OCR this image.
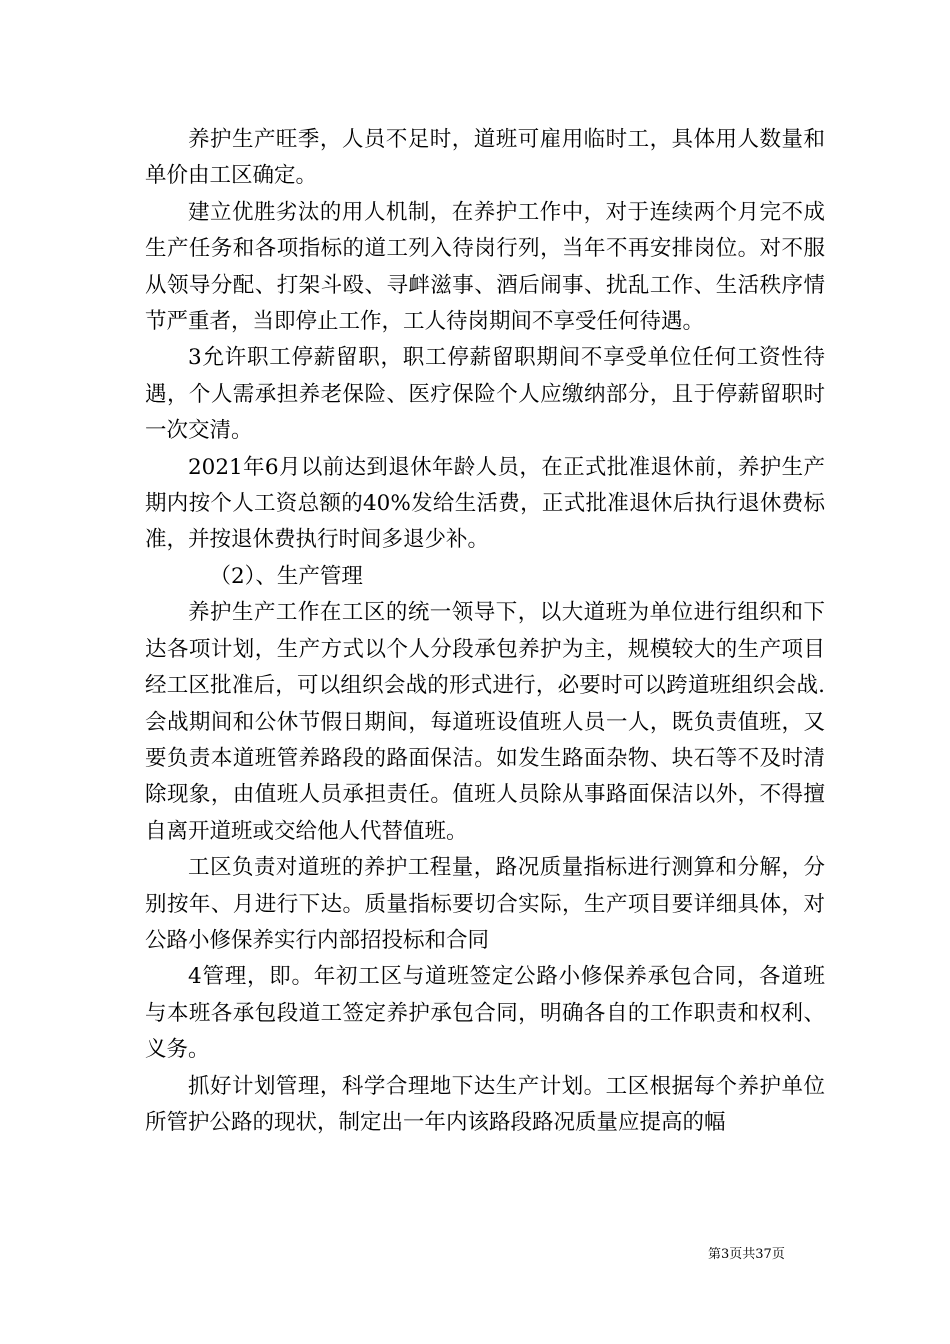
养护生产旺季，人员不足时，道班可雇用临时工，具体用人数量和单价由工区确定。

建立优胜劣汰的用人机制，在养护工作中，对于连续两个月完不成生产任务和各项指标的道工列入待岗行列，当年不再安排岗位。对不服从领导分配、打架斗殴、寻衅滋事、酒后闹事、扰乱工作、生活秩序情节严重者，当即停止工作，工人待岗期间不享受任何待遇。

3允许职工停薪留职，职工停薪留职期间不享受单位任何工资性待遇，个人需承担养老保险、医疗保险个人应缴纳部分，且于停薪留职时一次交清。

2021年6月以前达到退休年龄人员，在正式批准退休前，养护生产期内按个人工资总额的40%发给生活费，正式批准退休后执行退休费标准，并按退休费执行时间多退少补。

（2）、生产管理

养护生产工作在工区的统一领导下，以大道班为单位进行组织和下达各项计划，生产方式以个人分段承包养护为主，规模较大的生产项目经工区批准后，可以组织会战的形式进行，必要时可以跨道班组织会战.会战期间和公休节假日期间，每道班设值班人员一人，既负责值班，又要负责本道班管养路段的路面保洁。如发生路面杂物、块石等不及时清除现象，由值班人员承担责任。值班人员除从事路面保洁以外，不得擅自离开道班或交给他人代替值班。

工区负责对道班的养护工程量，路况质量指标进行测算和分解，分别按年、月进行下达。质量指标要切合实际，生产项目要详细具体，对公路小修保养实行内部招投标和合同

4管理，即。年初工区与道班签定公路小修保养承包合同，各道班与本班各承包段道工签定养护承包合同，明确各自的工作职责和权利、义务。

抓好计划管理，科学合理地下达生产计划。工区根据每个养护单位所管护公路的现状，制定出一年内该路段路况质量应提高的幅

第3页共37页
